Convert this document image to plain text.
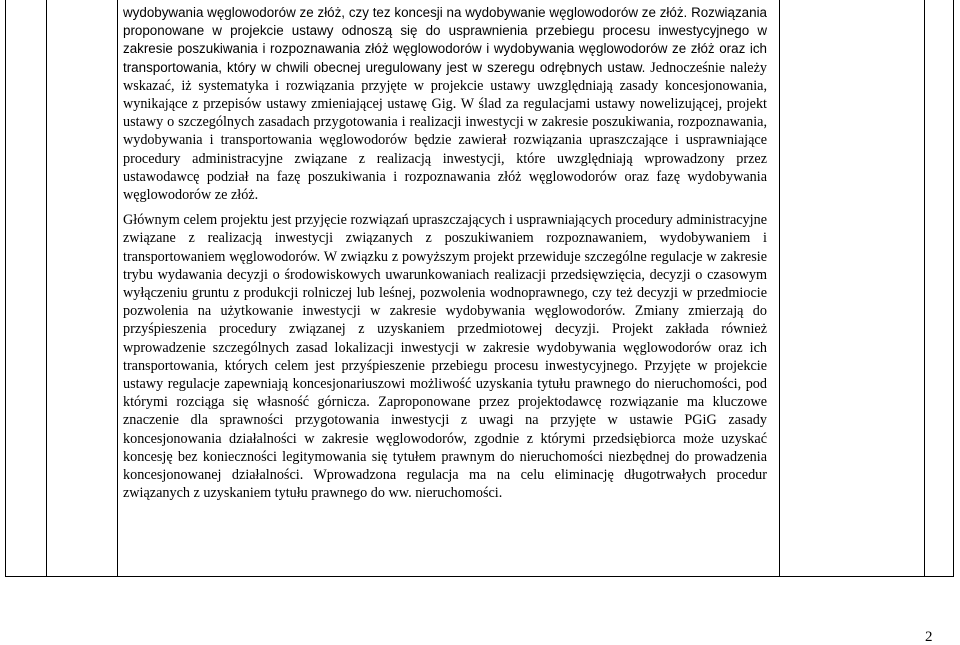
wydobywania węglowodorów ze złóż, czy tez koncesji na wydobywanie węglowodorów ze złóż. Rozwiązania proponowane w projekcie ustawy odnoszą się do usprawnienia przebiegu procesu inwestycyjnego w zakresie poszukiwania i rozpoznawania złóż węglowodorów i wydobywania węglowodorów ze złóż oraz ich transportowania, który w chwili obecnej uregulowany jest w szeregu odrębnych ustaw. Jednocześnie należy wskazać, iż systematyka i rozwiązania przyjęte w projekcie ustawy uwzględniają zasady koncesjonowania, wynikające z przepisów ustawy zmieniającej ustawę Gig. W ślad za regulacjami ustawy nowelizującej, projekt ustawy o szczególnych zasadach przygotowania i realizacji inwestycji w zakresie poszukiwania, rozpoznawania, wydobywania i transportowania węglowodorów będzie zawierał rozwiązania upraszczające i usprawniające procedury administracyjne związane z realizacją inwestycji, które uwzględniają wprowadzony przez ustawodawcę podział na fazę poszukiwania i rozpoznawania złóż węglowodorów oraz fazę wydobywania węglowodorów ze złóż.

Głównym celem projektu jest przyjęcie rozwiązań upraszczających i usprawniających procedury administracyjne związane z realizacją inwestycji związanych z poszukiwaniem rozpoznawaniem, wydobywaniem i transportowaniem węglowodorów. W związku z powyższym projekt przewiduje szczególne regulacje w zakresie trybu wydawania decyzji o środowiskowych uwarunkowaniach realizacji przedsięwzięcia, decyzji o czasowym wyłączeniu gruntu z produkcji rolniczej lub leśnej, pozwolenia wodnoprawnego, czy też decyzji w przedmiocie pozwolenia na użytkowanie inwestycji w zakresie wydobywania węglowodorów. Zmiany zmierzają do przyśpieszenia procedury związanej z uzyskaniem przedmiotowej decyzji. Projekt zakłada również wprowadzenie szczególnych zasad lokalizacji inwestycji w zakresie wydobywania węglowodorów oraz ich transportowania, których celem jest przyśpieszenie przebiegu procesu inwestycyjnego. Przyjęte w projekcie ustawy regulacje zapewniają koncesjonariuszowi możliwość uzyskania tytułu prawnego do nieruchomości, pod którymi rozciąga się własność górnicza. Zaproponowane przez projektodawcę rozwiązanie ma kluczowe znaczenie dla sprawności przygotowania inwestycji z uwagi na przyjęte w ustawie PGiG zasady koncesjonowania działalności w zakresie węglowodorów, zgodnie z którymi przedsiębiorca może uzyskać koncesję bez konieczności legitymowania się tytułem prawnym do nieruchomości niezbędnej do prowadzenia koncesjonowanej działalności. Wprowadzona regulacja ma na celu eliminację długotrwałych procedur związanych z uzyskaniem tytułu prawnego do ww. nieruchomości.

2
